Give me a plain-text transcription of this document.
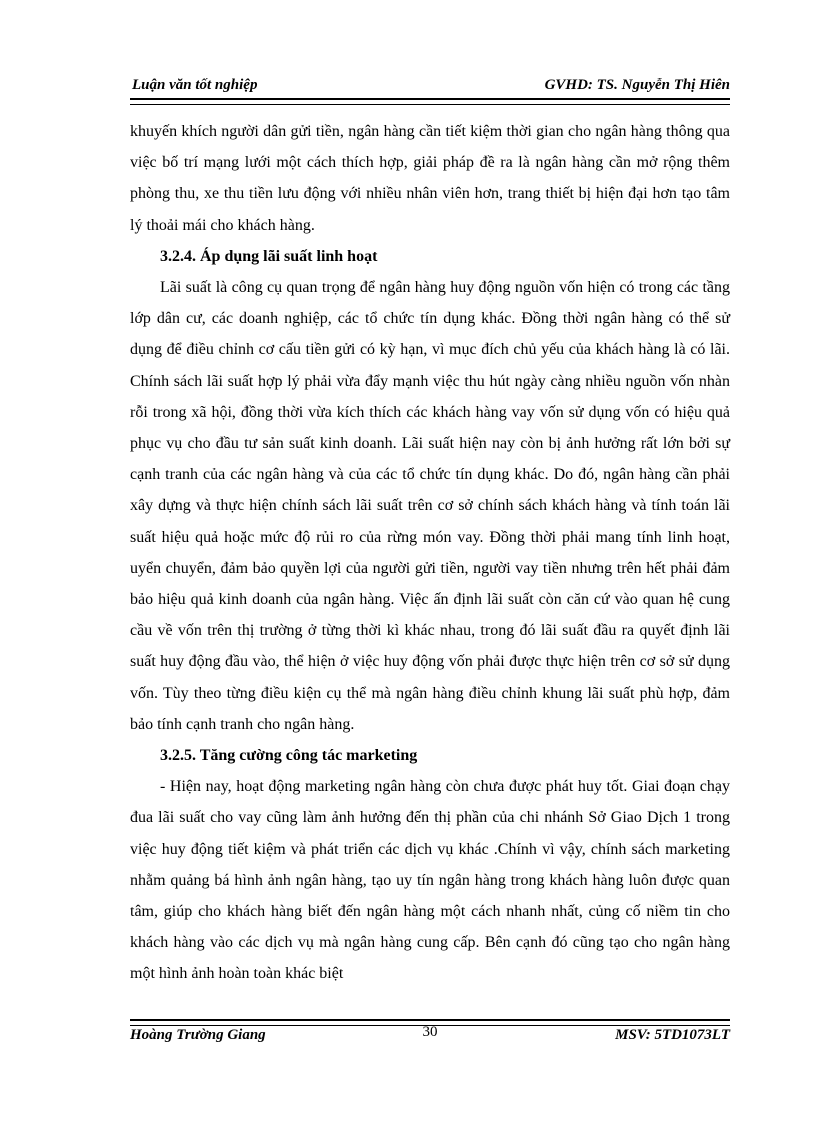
Luận văn tốt nghiệp	GVHD: TS. Nguyễn Thị Hiên

khuyến khích người dân gửi tiền, ngân hàng cần tiết kiệm thời gian cho ngân hàng thông qua việc bố trí mạng lưới một cách thích hợp, giải pháp đề ra là ngân hàng cần mở rộng thêm phòng thu, xe thu tiền lưu động với nhiều nhân viên hơn, trang thiết bị hiện đại hơn tạo tâm lý thoải mái cho khách hàng.

3.2.4. Áp dụng lãi suất linh hoạt

Lãi suất là công cụ quan trọng để ngân hàng huy động nguồn vốn hiện có trong các tầng lớp dân cư, các doanh nghiệp, các tổ chức tín dụng khác. Đồng thời ngân hàng có thể sử dụng để điều chỉnh cơ cấu tiền gửi có kỳ hạn, vì mục đích chủ yếu của khách hàng là có lãi. Chính sách lãi suất hợp lý phải vừa đẩy mạnh việc thu hút ngày càng nhiều nguồn vốn nhàn rỗi trong xã hội, đồng thời vừa kích thích các khách hàng vay vốn sử dụng vốn có hiệu quả phục vụ cho đầu tư sản suất kinh doanh. Lãi suất hiện nay còn bị ảnh hưởng rất lớn bởi sự cạnh tranh của các ngân hàng và của các tổ chức tín dụng khác. Do đó, ngân hàng cần phải xây dựng và thực hiện chính sách lãi suất trên cơ sở chính sách khách hàng và tính toán lãi suất hiệu quả hoặc mức độ rủi ro của rừng món vay. Đồng thời phải mang tính linh hoạt, uyển chuyển, đảm bảo quyền lợi của người gửi tiền, người vay tiền nhưng trên hết phải đảm bảo hiệu quả kinh doanh của ngân hàng. Việc ấn định lãi suất còn căn cứ vào quan hệ cung cầu về vốn trên thị trường ở từng thời kì khác nhau, trong đó lãi suất đầu ra quyết định lãi suất huy động đầu vào, thể hiện ở việc huy động vốn phải được thực hiện trên cơ sở sử dụng vốn. Tùy theo từng điều kiện cụ thể mà ngân hàng điều chỉnh khung lãi suất phù hợp, đảm bảo tính cạnh tranh cho ngân hàng.

3.2.5. Tăng cường công tác marketing

- Hiện nay, hoạt động marketing ngân hàng còn chưa được phát huy tốt. Giai đoạn chạy đua lãi suất cho vay cũng làm ảnh hưởng đến thị phần của chi nhánh Sở Giao Dịch 1 trong việc huy động tiết kiệm và phát triển các dịch vụ khác .Chính vì vậy, chính sách marketing nhằm quảng bá hình ảnh ngân hàng, tạo uy tín ngân hàng trong khách hàng luôn được quan tâm, giúp cho khách hàng biết đến ngân hàng một cách nhanh nhất, củng cố niềm tin cho khách hàng vào các dịch vụ mà ngân hàng cung cấp. Bên cạnh đó cũng tạo cho ngân hàng một hình ảnh hoàn toàn khác biệt

Hoàng Trường Giang	30	MSV: 5TD1073LT
